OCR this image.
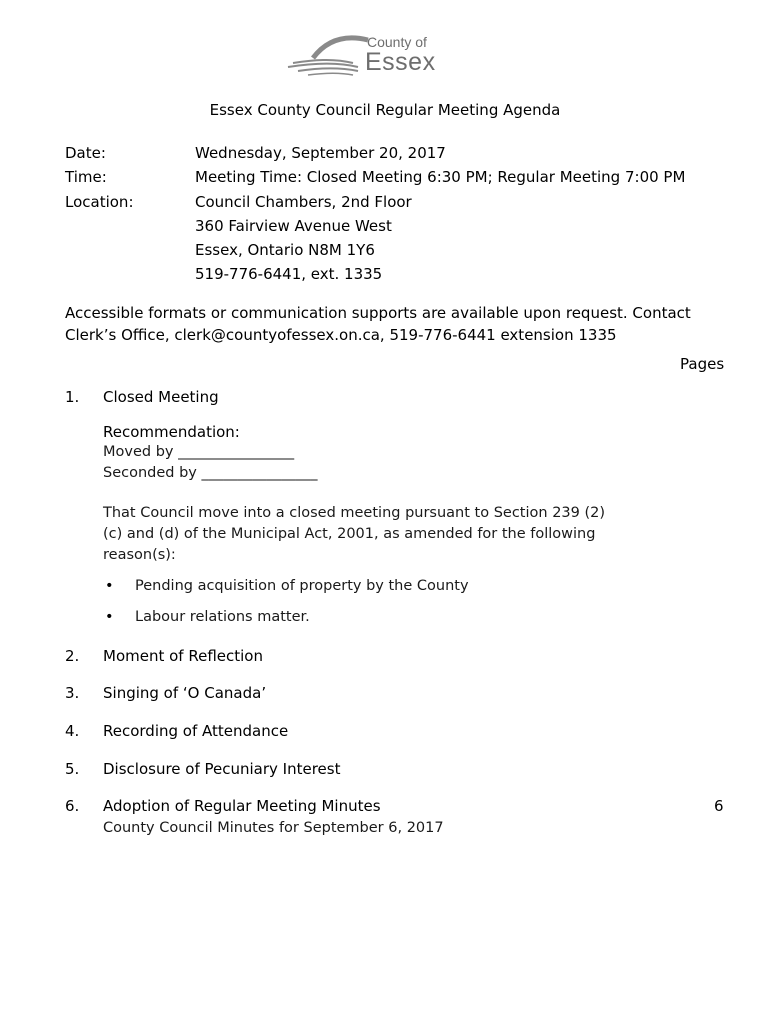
County of
Essex
Essex County Council Regular Meeting Agenda
Date:	Wednesday, September 20, 2017
Time:	Meeting Time: Closed Meeting 6:30 PM; Regular Meeting 7:00 PM
Location:	Council Chambers, 2nd Floor
360 Fairview Avenue West
Essex, Ontario N8M 1Y6
519-776-6441, ext. 1335
Accessible formats or communication supports are available upon request. Contact
Clerk’s Office, clerk@countyofessex.on.ca, 519-776-6441 extension 1335
Pages
1. Closed Meeting
Recommendation:
Moved by ________________
Seconded by ________________
That Council move into a closed meeting pursuant to Section 239 (2)
(c) and (d) of the Municipal Act, 2001, as amended for the following
reason(s):
• Pending acquisition of property by the County
• Labour relations matter.
2. Moment of Reflection
3. Singing of ‘O Canada’
4. Recording of Attendance
5. Disclosure of Pecuniary Interest
6. Adoption of Regular Meeting Minutes	6
County Council Minutes for September 6, 2017
